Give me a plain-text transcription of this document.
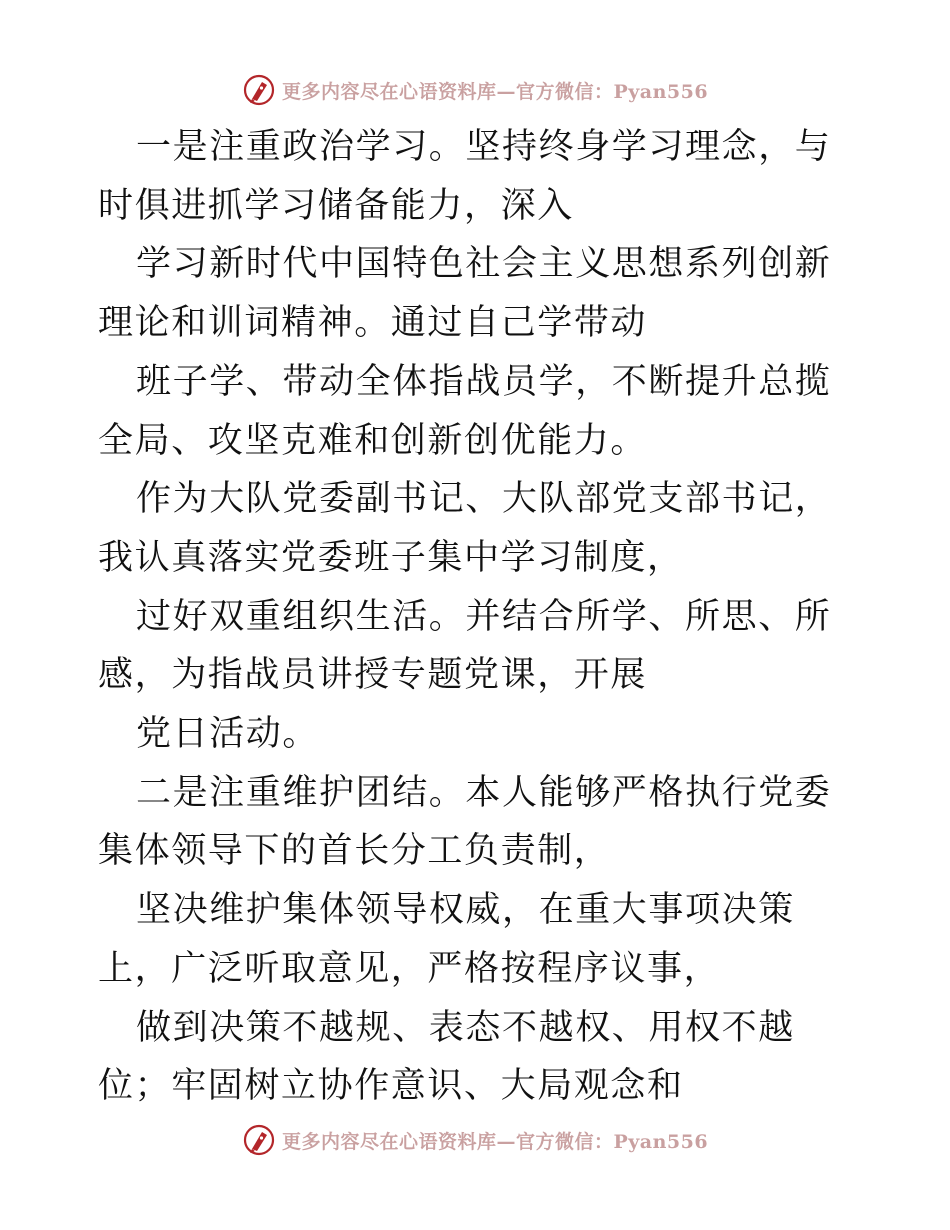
更多内容尽在心语资料库—官方微信：Pyan556

一是注重政治学习。坚持终身学习理念，与时俱进抓学习储备能力，深入

学习新时代中国特色社会主义思想系列创新理论和训词精神。通过自己学带动

班子学、带动全体指战员学，不断提升总揽全局、攻坚克难和创新创优能力。

作为大队党委副书记、大队部党支部书记，我认真落实党委班子集中学习制度，

过好双重组织生活。并结合所学、所思、所感，为指战员讲授专题党课，开展

党日活动。

二是注重维护团结。本人能够严格执行党委集体领导下的首长分工负责制，

坚决维护集体领导权威，在重大事项决策上，广泛听取意见，严格按程序议事，

做到决策不越规、表态不越权、用权不越位；牢固树立协作意识、大局观念和

更多内容尽在心语资料库—官方微信：Pyan556
